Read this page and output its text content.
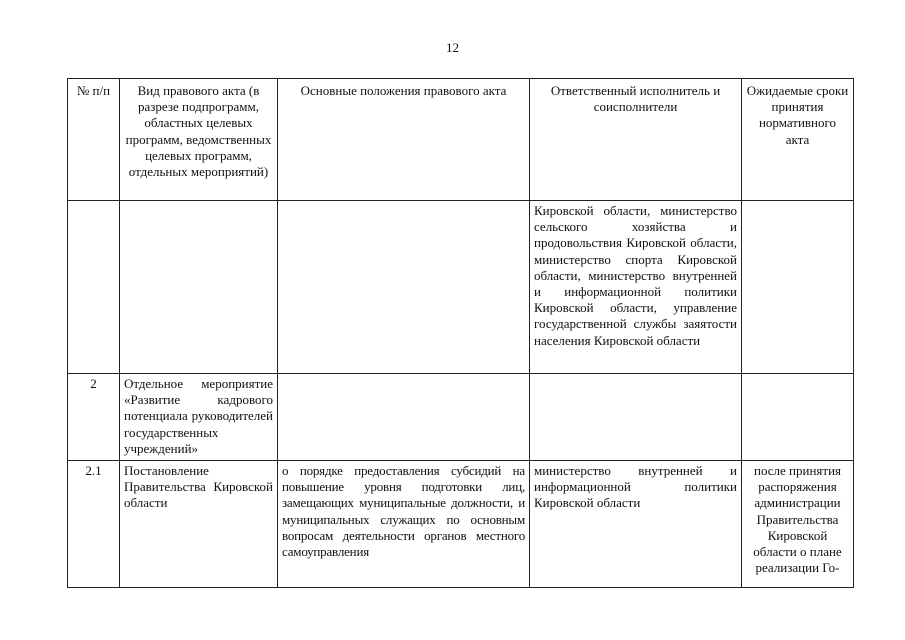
12
№ п/п	Вид правового акта (в разрезе подпрограмм, областных целевых программ, ведомственных целевых программ, отдельных мероприятий)	Основные положения правового акта	Ответственный исполнитель и соисполнители	Ожидаемые сроки принятия нормативного акта

			Кировской области, министерство сельского хозяйства и продовольствия Кировской области, министерство спорта Кировской области, министерство внутренней и информационной политики Кировской области, управление государственной службы заяятости населения Кировской области	
2	Отдельное мероприятие «Развитие кадрового потенциала руководителей государственных учреждений»			

2.1	Постановление Правительства Кировской области	о порядке предоставления субсидий на повышение уровня подготовки лиц, замещающих муниципальные должности, и муниципальных служащих по основным вопросам деятельности органов местного самоуправления	министерство внутренней и информационной политики Кировской области	после принятия распоряжения администрации Правительства Кировской области о плане реализации Го-
